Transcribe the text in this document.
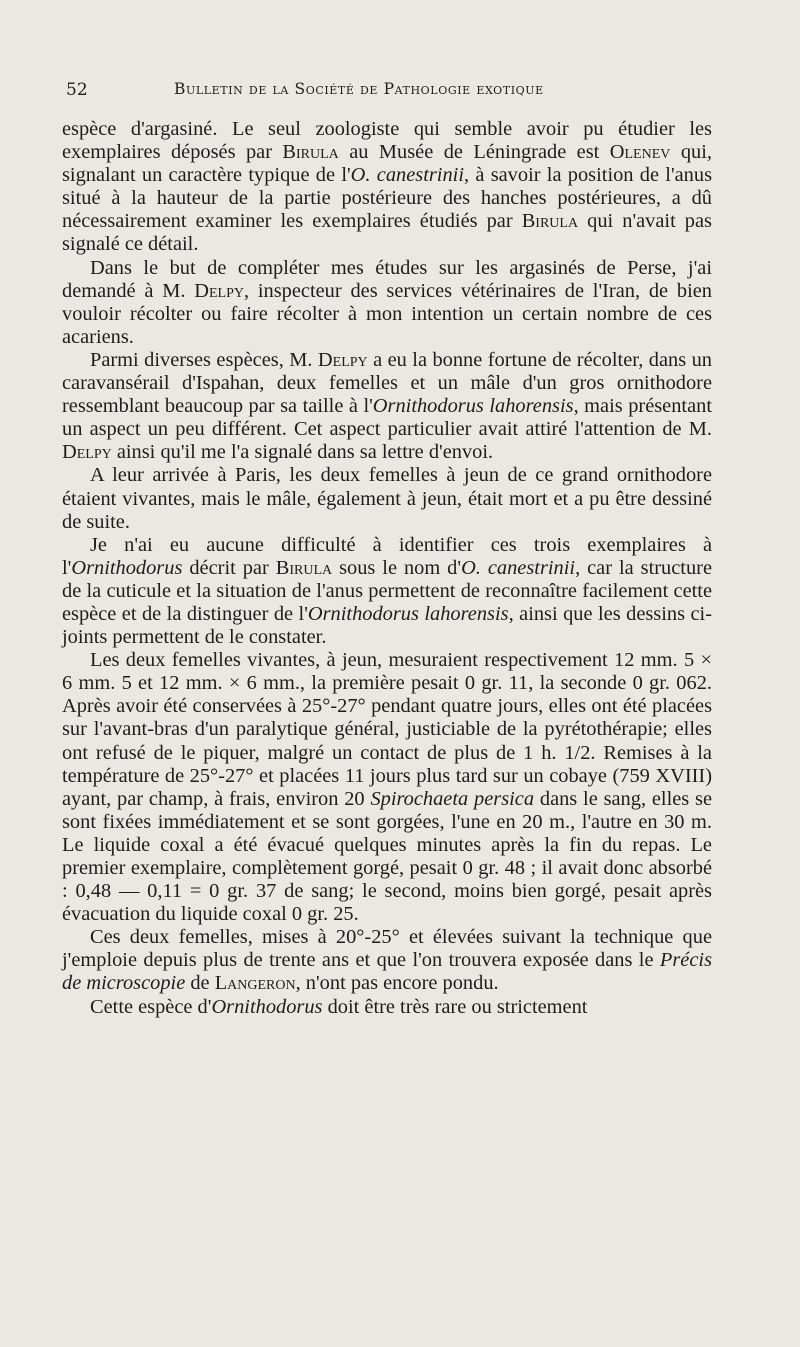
52	Bulletin de la Société de Pathologie exotique

espèce d'argasiné. Le seul zoologiste qui semble avoir pu étudier les exemplaires déposés par Birula au Musée de Léningrade est Olenev qui, signalant un caractère typique de l'O. canestrinii, à savoir la position de l'anus situé à la hauteur de la partie postérieure des hanches postérieures, a dû nécessairement examiner les exemplaires étudiés par Birula qui n'avait pas signalé ce détail.

Dans le but de compléter mes études sur les argasinés de Perse, j'ai demandé à M. Delpy, inspecteur des services vétérinaires de l'Iran, de bien vouloir récolter ou faire récolter à mon intention un certain nombre de ces acariens.

Parmi diverses espèces, M. Delpy a eu la bonne fortune de récolter, dans un caravansérail d'Ispahan, deux femelles et un mâle d'un gros ornithodore ressemblant beaucoup par sa taille à l'Ornithodorus lahorensis, mais présentant un aspect un peu différent. Cet aspect particulier avait attiré l'attention de M. Delpy ainsi qu'il me l'a signalé dans sa lettre d'envoi.

A leur arrivée à Paris, les deux femelles à jeun de ce grand ornithodore étaient vivantes, mais le mâle, également à jeun, était mort et a pu être dessiné de suite.

Je n'ai eu aucune difficulté à identifier ces trois exemplaires à l'Ornithodorus décrit par Birula sous le nom d'O. canestrinii, car la structure de la cuticule et la situation de l'anus permettent de reconnaître facilement cette espèce et de la distinguer de l'Ornithodorus lahorensis, ainsi que les dessins ci-joints permettent de le constater.

Les deux femelles vivantes, à jeun, mesuraient respectivement 12 mm. 5 × 6 mm. 5 et 12 mm. × 6 mm., la première pesait 0 gr. 11, la seconde 0 gr. 062. Après avoir été conservées à 25°-27° pendant quatre jours, elles ont été placées sur l'avant-bras d'un paralytique général, justiciable de la pyrétothérapie; elles ont refusé de le piquer, malgré un contact de plus de 1 h. 1/2. Remises à la température de 25°-27° et placées 11 jours plus tard sur un cobaye (759 XVIII) ayant, par champ, à frais, environ 20 Spirochaeta persica dans le sang, elles se sont fixées immédiatement et se sont gorgées, l'une en 20 m., l'autre en 30 m. Le liquide coxal a été évacué quelques minutes après la fin du repas. Le premier exemplaire, complètement gorgé, pesait 0 gr. 48 ; il avait donc absorbé : 0,48 — 0,11 = 0 gr. 37 de sang; le second, moins bien gorgé, pesait après évacuation du liquide coxal 0 gr. 25.

Ces deux femelles, mises à 20°-25° et élevées suivant la technique que j'emploie depuis plus de trente ans et que l'on trouvera exposée dans le Précis de microscopie de Langeron, n'ont pas encore pondu.

Cette espèce d'Ornithodorus doit être très rare ou strictement
